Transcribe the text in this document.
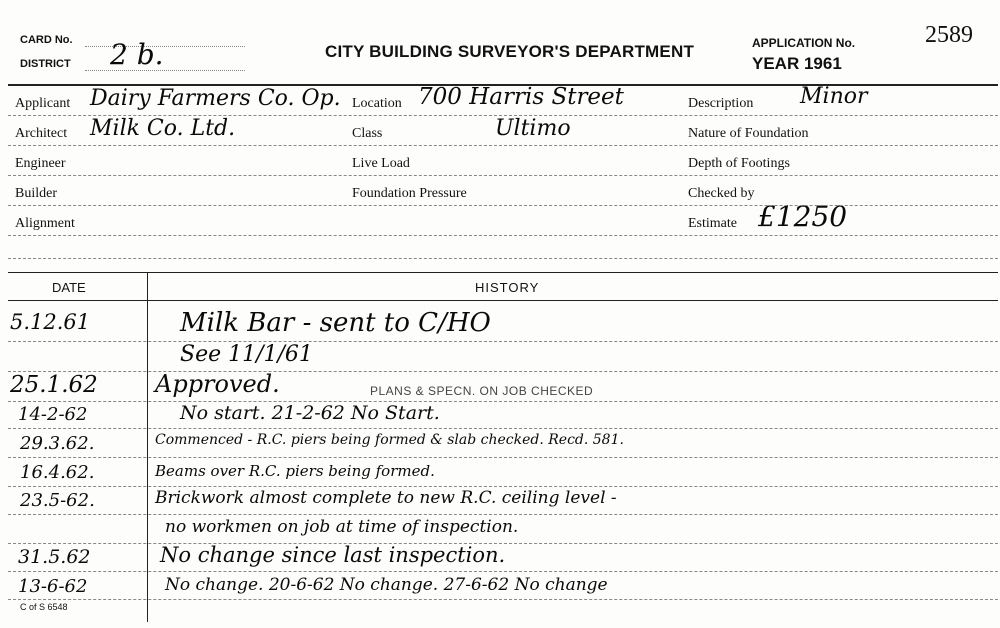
CARD No.
DISTRICT 2 b.	CITY BUILDING SURVEYOR'S DEPARTMENT	APPLICATION No.	2589
YEAR 1961
Applicant Dairy Farmers Co. Op.
Architect Milk Co. Ltd.
Engineer
Builder
Alignment
Location 700 Harris Street
Class	Ultimo
Live Load
Foundation Pressure
Description Minor
Nature of Foundation
Depth of Footings
Checked by
Estimate £1250
DATE	HISTORY
5.12.61	Milk Bar - sent to C/HO
See 11/1/61
25.1.62 Approved.	PLANS & SPECN. ON JOB CHECKED
14-2-62	No start. 21-2-62 No Start.
29.3.62.	Commenced - R.C. piers being formed & slab checked. Recd. 581.
16.4.62.	Beams over R.C. piers being formed.
23.5-62.	Brickwork almost complete to new R.C. ceiling level -
no workmen on job at time of inspection.
31.5.62	No change since last inspection.
13-6-62	No change. 20-6-62 No change. 27-6-62 No change
C of S 6548
